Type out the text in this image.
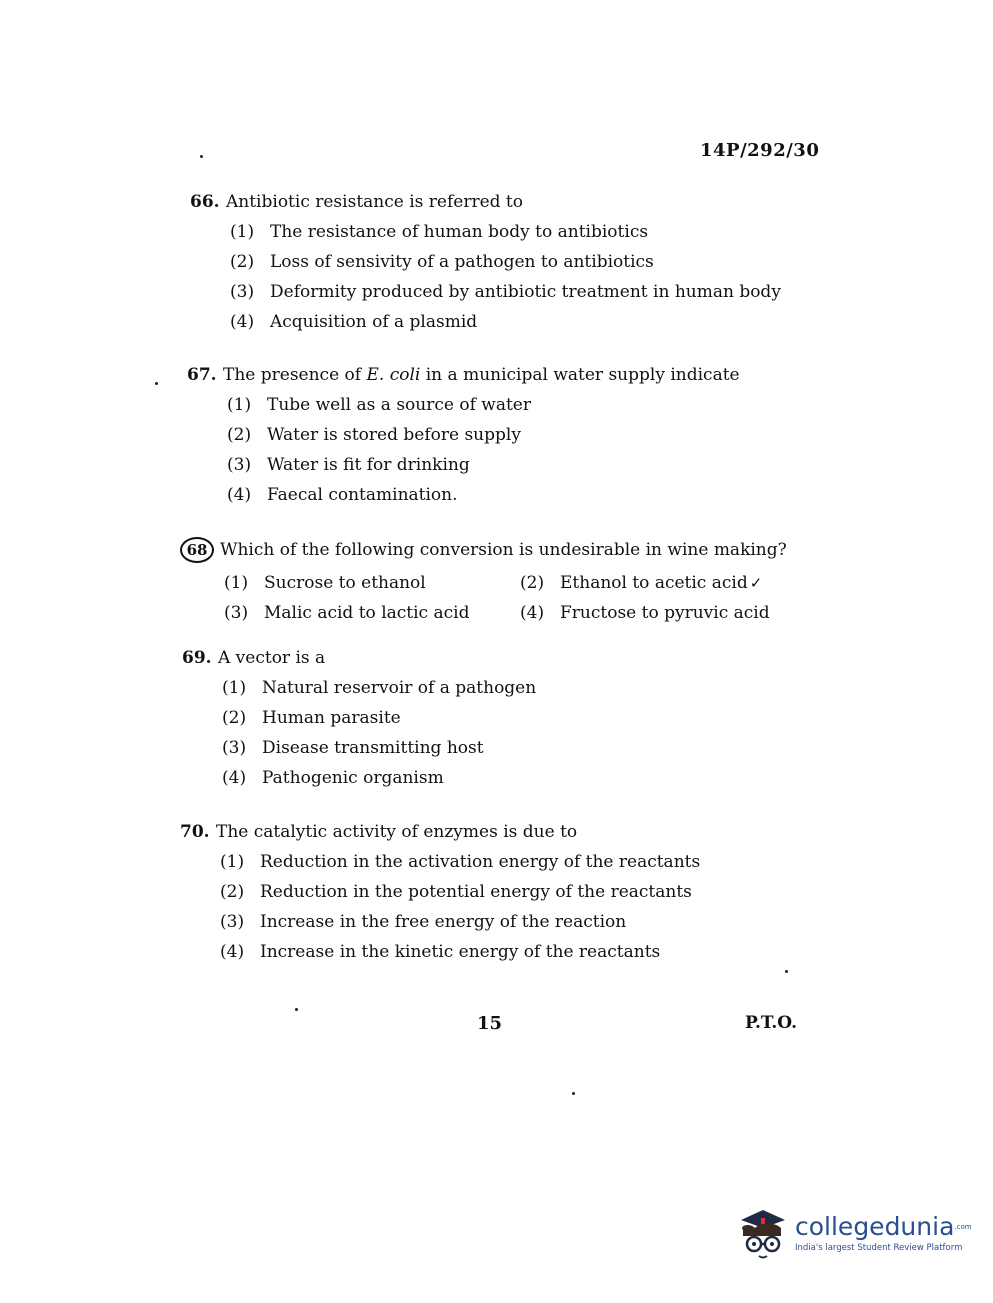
14P/292/30
66. Antibiotic resistance is referred to
(1) The resistance of human body to antibiotics
(2) Loss of sensivity of a pathogen to antibiotics
(3) Deformity produced by antibiotic treatment in human body
(4) Acquisition of a plasmid
67. The presence of E. coli in a municipal water supply indicate
(1) Tube well as a source of water
(2) Water is stored before supply
(3) Water is fit for drinking
(4) Faecal contamination.
68 Which of the following conversion is undesirable in wine making?
(1) Sucrose to ethanol	(2) Ethanol to acetic acid ✓
(3) Malic acid to lactic acid	(4) Fructose to pyruvic acid
69. A vector is a
(1) Natural reservoir of a pathogen
(2) Human parasite
(3) Disease transmitting host
(4) Pathogenic organism
70. The catalytic activity of enzymes is due to
(1) Reduction in the activation energy of the reactants
(2) Reduction in the potential energy of the reactants
(3) Increase in the free energy of the reaction
(4) Increase in the kinetic energy of the reactants
15	P.T.O.
collegedunia$^{.com}$
India's largest Student Review Platform
